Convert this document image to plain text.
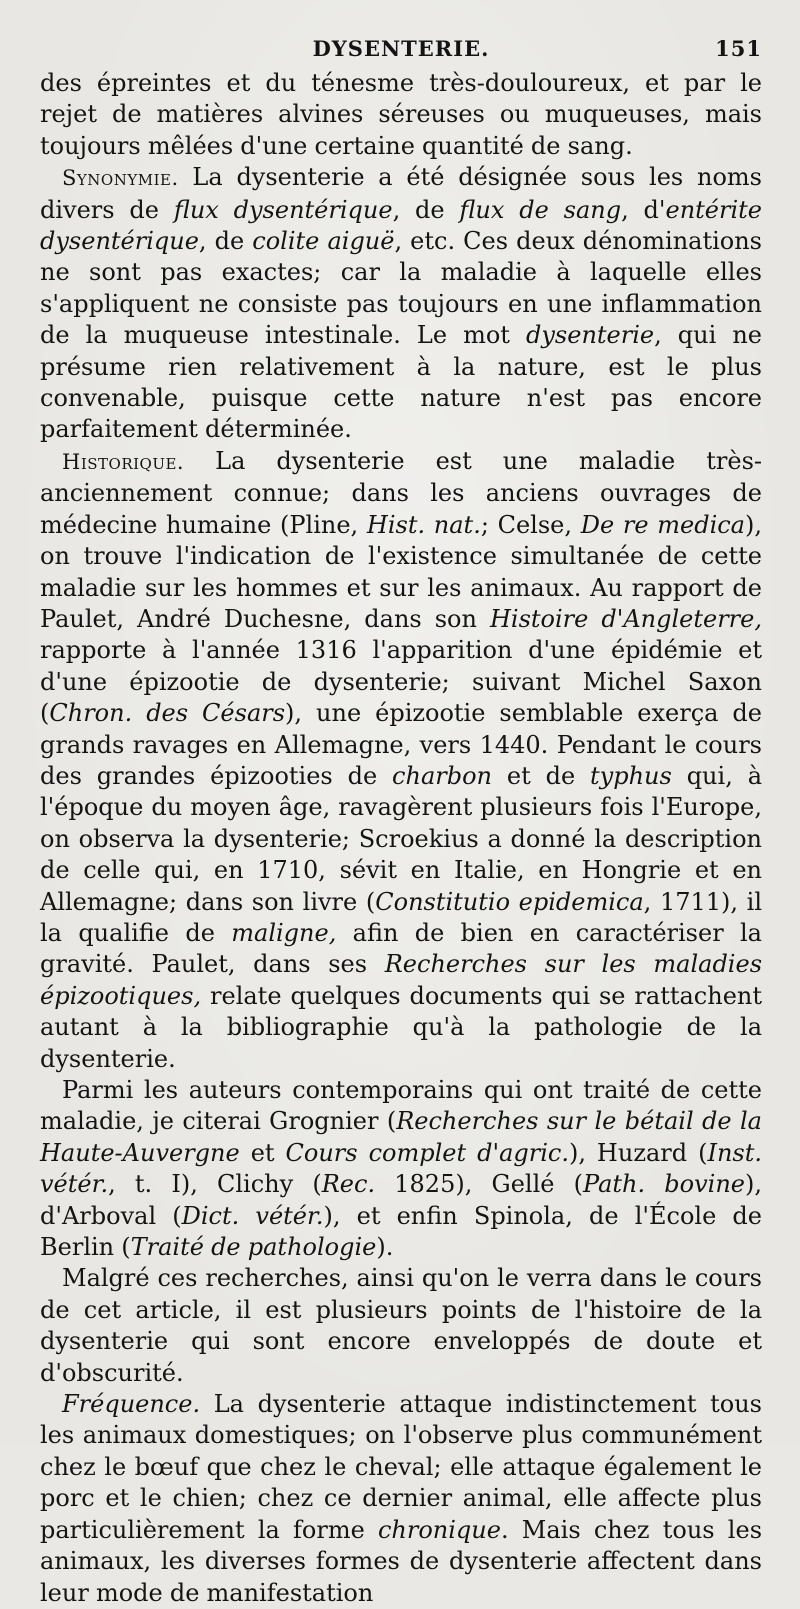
DYSENTERIE.	151

des épreintes et du ténesme très-douloureux, et par le rejet de matières alvines séreuses ou muqueuses, mais toujours mêlées d'une certaine quantité de sang.

Synonymie. La dysenterie a été désignée sous les noms divers de flux dysentérique, de flux de sang, d'entérite dysentérique, de colite aiguë, etc. Ces deux dénominations ne sont pas exactes; car la maladie à laquelle elles s'appliquent ne consiste pas toujours en une inflammation de la muqueuse intestinale. Le mot dysenterie, qui ne présume rien relativement à la nature, est le plus convenable, puisque cette nature n'est pas encore parfaitement déterminée.

Historique. La dysenterie est une maladie très-anciennement connue; dans les anciens ouvrages de médecine humaine (Pline, Hist. nat.; Celse, De re medica), on trouve l'indication de l'existence simultanée de cette maladie sur les hommes et sur les animaux. Au rapport de Paulet, André Duchesne, dans son Histoire d'Angleterre, rapporte à l'année 1316 l'apparition d'une épidémie et d'une épizootie de dysenterie; suivant Michel Saxon (Chron. des Césars), une épizootie semblable exerça de grands ravages en Allemagne, vers 1440. Pendant le cours des grandes épizooties de charbon et de typhus qui, à l'époque du moyen âge, ravagèrent plusieurs fois l'Europe, on observa la dysenterie; Scroekius a donné la description de celle qui, en 1710, sévit en Italie, en Hongrie et en Allemagne; dans son livre (Constitutio epidemica, 1711), il la qualifie de maligne, afin de bien en caractériser la gravité. Paulet, dans ses Recherches sur les maladies épizootiques, relate quelques documents qui se rattachent autant à la bibliographie qu'à la pathologie de la dysenterie.

Parmi les auteurs contemporains qui ont traité de cette maladie, je citerai Grognier (Recherches sur le bétail de la Haute-Auvergne et Cours complet d'agric.), Huzard (Inst. vétér., t. I), Clichy (Rec. 1825), Gellé (Path. bovine), d'Arboval (Dict. vétér.), et enfin Spinola, de l'École de Berlin (Traité de pathologie).

Malgré ces recherches, ainsi qu'on le verra dans le cours de cet article, il est plusieurs points de l'histoire de la dysenterie qui sont encore enveloppés de doute et d'obscurité.

Fréquence. La dysenterie attaque indistinctement tous les animaux domestiques; on l'observe plus communément chez le bœuf que chez le cheval; elle attaque également le porc et le chien; chez ce dernier animal, elle affecte plus particulièrement la forme chronique. Mais chez tous les animaux, les diverses formes de dysenterie affectent dans leur mode de manifestation
